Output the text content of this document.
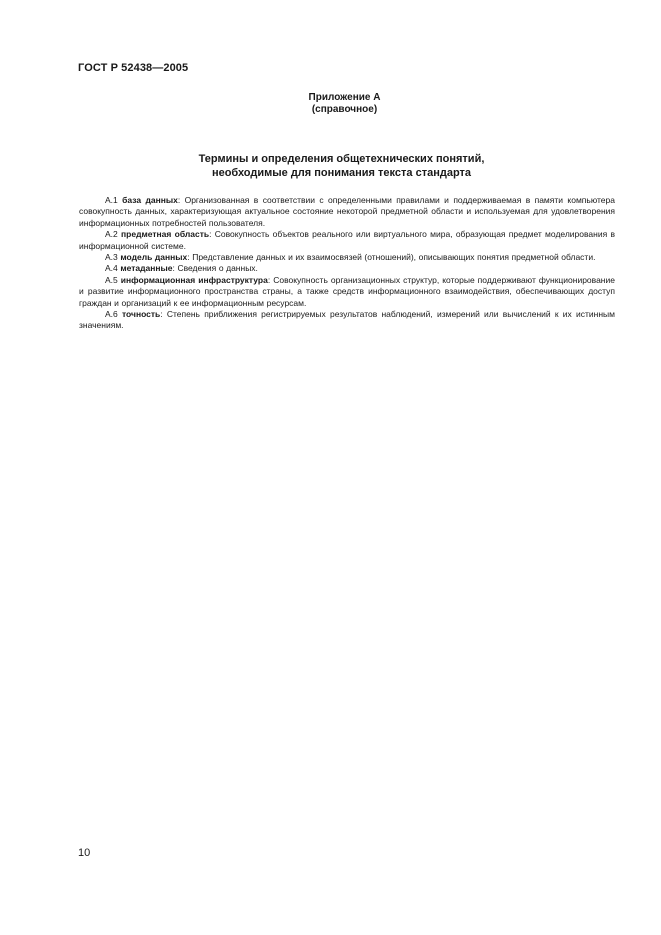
ГОСТ Р 52438—2005
Приложение А
(справочное)
Термины и определения общетехнических понятий,
необходимые для понимания текста стандарта

А.1 база данных: Организованная в соответствии с определенными правилами и поддерживаемая в памяти компьютера совокупность данных, характеризующая актуальное состояние некоторой предметной области и используемая для удовлетворения информационных потребностей пользователя.

А.2 предметная область: Совокупность объектов реального или виртуального мира, образующая предмет моделирования в информационной системе.

А.3 модель данных: Представление данных и их взаимосвязей (отношений), описывающих понятия предметной области.

А.4 метаданные: Сведения о данных.

А.5 информационная инфраструктура: Совокупность организационных структур, которые поддерживают функционирование и развитие информационного пространства страны, а также средств информационного взаимодействия, обеспечивающих доступ граждан и организаций к ее информационным ресурсам.

А.6 точность: Степень приближения регистрируемых результатов наблюдений, измерений или вычислений к их истинным значениям.

10
